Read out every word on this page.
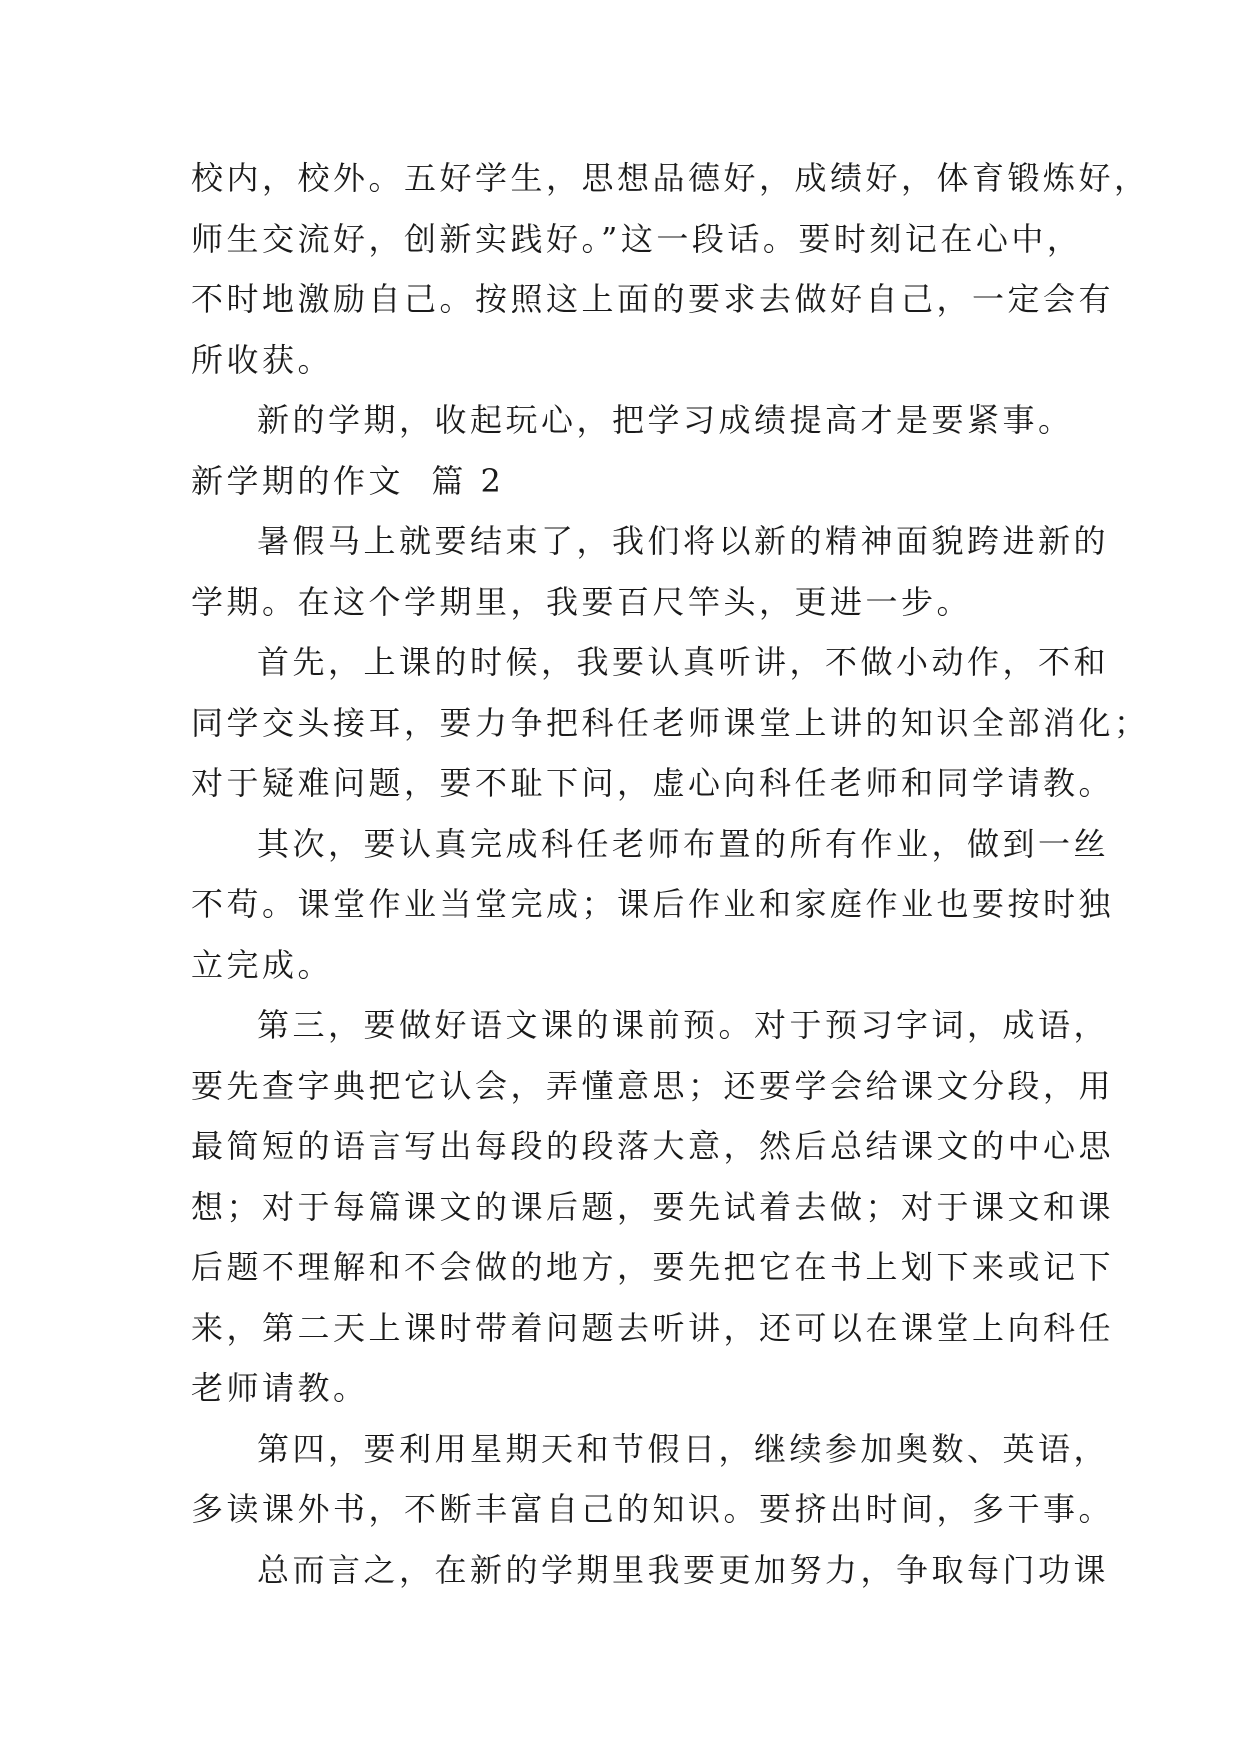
校内，校外。五好学生，思想品德好，成绩好，体育锻炼好，
师生交流好，创新实践好。”这一段话。要时刻记在心中，
不时地激励自己。按照这上面的要求去做好自己，一定会有
所收获。
新的学期，收起玩心，把学习成绩提高才是要紧事。
新学期的作文  篇 2
暑假马上就要结束了，我们将以新的精神面貌跨进新的
学期。在这个学期里，我要百尺竿头，更进一步。
首先，上课的时候，我要认真听讲，不做小动作，不和
同学交头接耳，要力争把科任老师课堂上讲的知识全部消化；
对于疑难问题，要不耻下问，虚心向科任老师和同学请教。
其次，要认真完成科任老师布置的所有作业，做到一丝
不苟。课堂作业当堂完成；课后作业和家庭作业也要按时独
立完成。
第三，要做好语文课的课前预。对于预习字词，成语，
要先查字典把它认会，弄懂意思；还要学会给课文分段，用
最简短的语言写出每段的段落大意，然后总结课文的中心思
想；对于每篇课文的课后题，要先试着去做；对于课文和课
后题不理解和不会做的地方，要先把它在书上划下来或记下
来，第二天上课时带着问题去听讲，还可以在课堂上向科任
老师请教。
第四，要利用星期天和节假日，继续参加奥数、英语，
多读课外书，不断丰富自己的知识。要挤出时间，多干事。
总而言之，在新的学期里我要更加努力，争取每门功课
